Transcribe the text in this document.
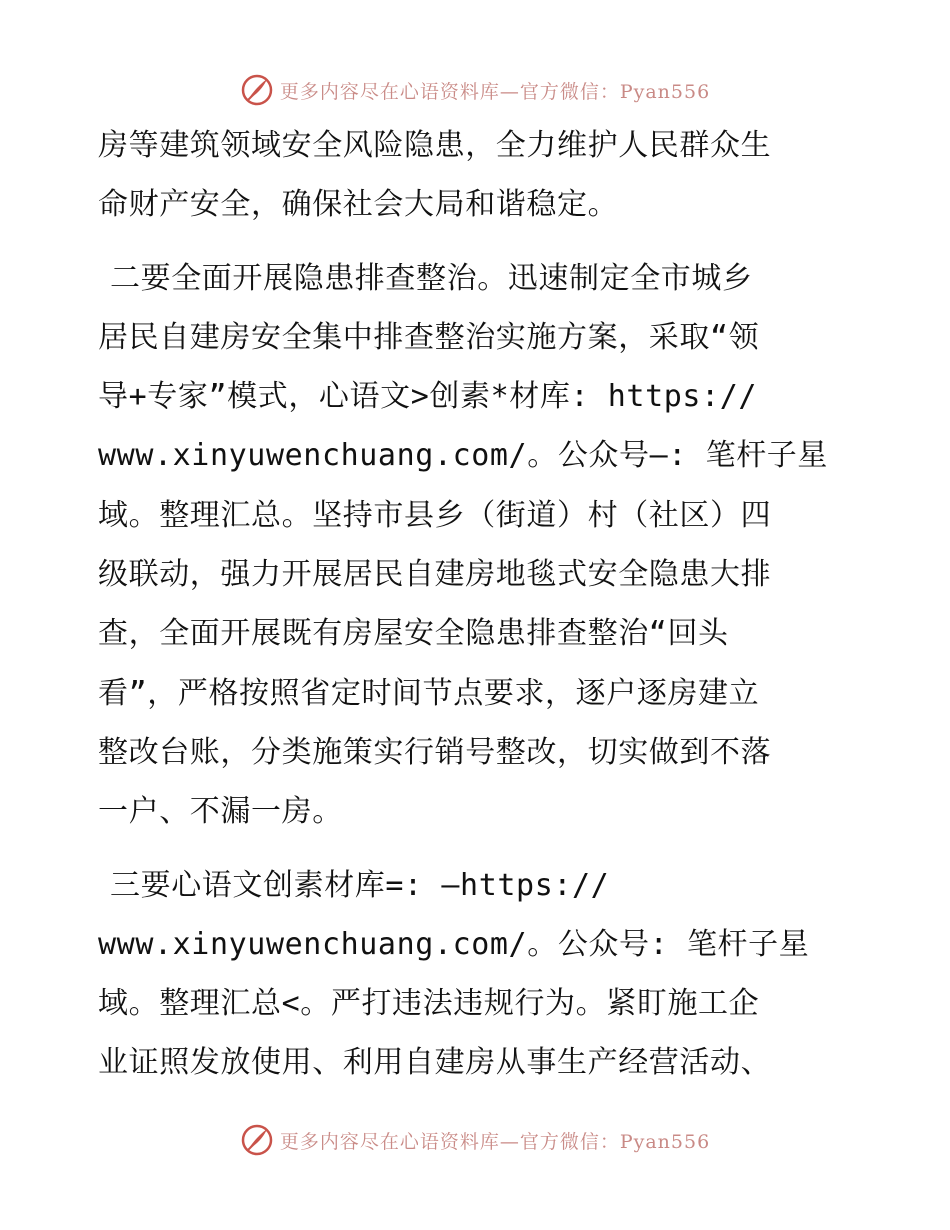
更多内容尽在心语资料库—官方微信：Pyan556
房等建筑领域安全风险隐患，全力维护人民群众生
命财产安全，确保社会大局和谐稳定。
二要全面开展隐患排查整治。迅速制定全市城乡
居民自建房安全集中排查整治实施方案，采取“领
导+专家”模式，心语文>创素*材库: https://
www.xinyuwenchuang.com/。公众号—: 笔杆子星
域。整理汇总。坚持市县乡（街道）村（社区）四
级联动，强力开展居民自建房地毯式安全隐患大排
查，全面开展既有房屋安全隐患排查整治“回头
看”，严格按照省定时间节点要求，逐户逐房建立
整改台账，分类施策实行销号整改，切实做到不落
一户、不漏一房。
三要心语文创素材库=: —https://
www.xinyuwenchuang.com/。公众号: 笔杆子星
域。整理汇总<。严打违法违规行为。紧盯施工企
业证照发放使用、利用自建房从事生产经营活动、
更多内容尽在心语资料库—官方微信：Pyan556
